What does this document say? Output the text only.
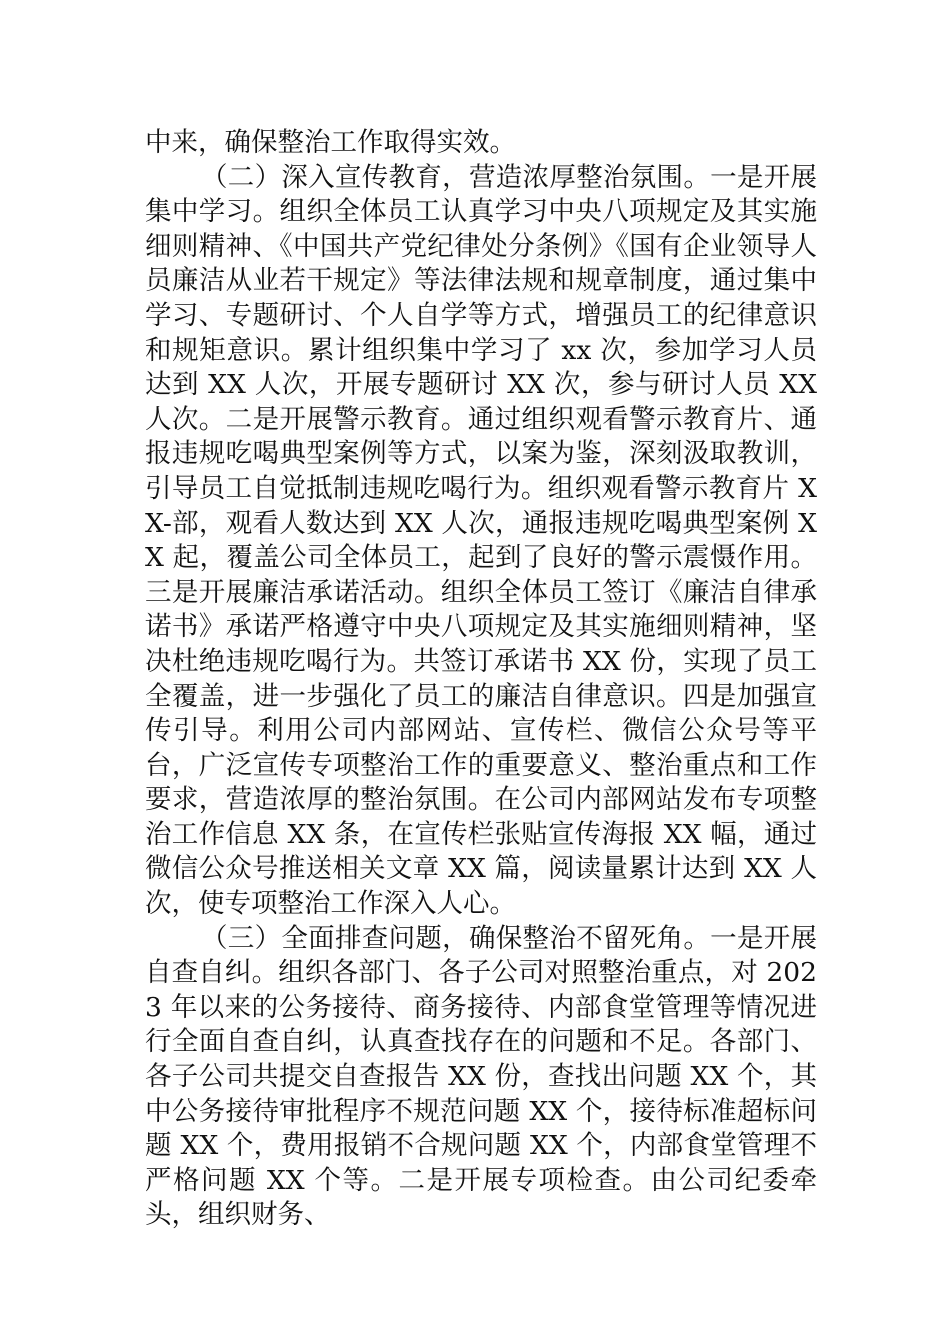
中来，确保整治工作取得实效。

（二）深入宣传教育，营造浓厚整治氛围。一是开展集中学习。组织全体员工认真学习中央八项规定及其实施细则精神、《中国共产党纪律处分条例》《国有企业领导人员廉洁从业若干规定》等法律法规和规章制度，通过集中学习、专题研讨、个人自学等方式，增强员工的纪律意识和规矩意识。累计组织集中学习了 xx 次，参加学习人员达到 XX 人次，开展专题研讨 XX 次，参与研讨人员 XX 人次。二是开展警示教育。通过组织观看警示教育片、通报违规吃喝典型案例等方式，以案为鉴，深刻汲取教训，引导员工自觉抵制违规吃喝行为。组织观看警示教育片 XX-部，观看人数达到 XX 人次，通报违规吃喝典型案例 XX 起，覆盖公司全体员工，起到了良好的警示震慑作用。三是开展廉洁承诺活动。组织全体员工签订《廉洁自律承诺书》承诺严格遵守中央八项规定及其实施细则精神，坚决杜绝违规吃喝行为。共签订承诺书 XX 份，实现了员工全覆盖，进一步强化了员工的廉洁自律意识。四是加强宣传引导。利用公司内部网站、宣传栏、微信公众号等平台，广泛宣传专项整治工作的重要意义、整治重点和工作要求，营造浓厚的整治氛围。在公司内部网站发布专项整治工作信息 XX 条，在宣传栏张贴宣传海报 XX 幅，通过微信公众号推送相关文章 XX 篇，阅读量累计达到 XX 人次，使专项整治工作深入人心。

（三）全面排查问题，确保整治不留死角。一是开展自查自纠。组织各部门、各子公司对照整治重点，对 2023 年以来的公务接待、商务接待、内部食堂管理等情况进行全面自查自纠，认真查找存在的问题和不足。各部门、各子公司共提交自查报告 XX 份，查找出问题 XX 个，其中公务接待审批程序不规范问题 XX 个，接待标准超标问题 XX 个，费用报销不合规问题 XX 个，内部食堂管理不严格问题 XX 个等。二是开展专项检查。由公司纪委牵头，组织财务、
